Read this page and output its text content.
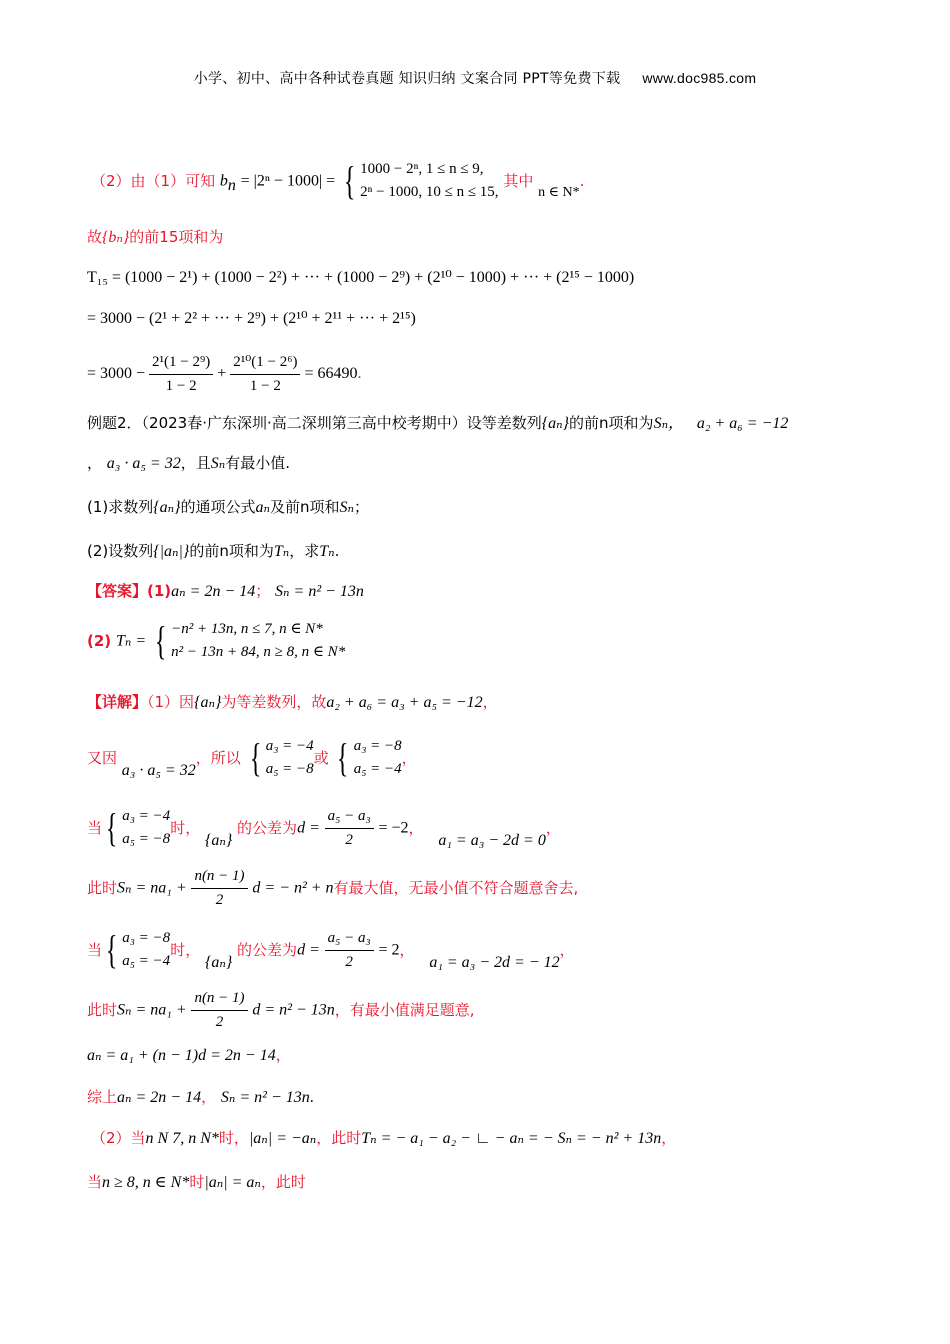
小学、初中、高中各种试卷真题 知识归纳 文案合同 PPT等免费下载 www.doc985.com
（2）由（1）可知 $b_n = |2^n - 1000|$ = { 1000 − 2ⁿ, 1 ≤ n ≤ 9,
2ⁿ − 1000, 10 ≤ n ≤ 15,
其中 n ∈ N*.
故{bₙ}的前15项和为
T₁₅ = (1000 − 2¹) + (1000 − 2²) + ··· + (1000 − 2⁹) + (2¹⁰ − 1000) + ··· + (2¹⁵ − 1000)
= 3000 − (2¹ + 2² + ··· + 2⁹) + (2¹⁰ + 2¹¹ + ··· + 2¹⁵)
= $3000 - \frac{\text{2¹(1 − 2⁹)}}{1 - 2} + \frac{\text{2¹⁰(1 − 2⁶)}}{1 - 2} = 66490$.
例题2．（2023春·广东深圳·高二深圳第三高中校考期中）设等差数列{aₙ}的前n项和为Sₙ， a₂ + a₆ = −12
， a₃ · a₅ = 32，且Sₙ有最小值.
(1)求数列{aₙ}的通项公式aₙ及前n项和Sₙ；
(2)设数列{|aₙ|}的前n项和为Tₙ，求Tₙ.
【答案】(1)aₙ = 2n − 14； Sₙ = n² − 13n
(2) Tₙ = { −n² + 13n, n ≤ 7, n ∈ N*
n² − 13n + 84, n ≥ 8, n ∈ N*
【详解】（1）因{aₙ}为等差数列，故a₂ + a₆ = a₃ + a₅ = −12，
又因 a₃ · a₅ = 32，所以 { a₃ = −4
a₅ = −8
或 { a₃ = −8
a₅ = −4
，
当 { a₃ = −4
a₅ = −8
时， {aₙ} 的公差为$d = \frac{\text{a₅ − a₃}}{2} = -2$， a₁ = a₃ − 2d = 0，
此时$S_n = na_1 + \frac{n(n - 1)}{2}$ d = − n² + n有最大值，无最小值不符合题意舍去,
当 { a₃ = −8
a₅ = −4
时， {aₙ} 的公差为$d = \frac{\text{a₅ − a₃}}{2} = 2$， a₁ = a₃ − 2d = − 12，
此时$S_n = na_1 + \frac{n(n - 1)}{2}$ d = n² − 13n，有最小值满足题意,
aₙ = a₁ + (n − 1)d = 2n − 14，
综上aₙ = 2n − 14， Sₙ = n² − 13n.
（2）当n N 7, n N*时，|aₙ| = −aₙ，此时Tₙ = − a₁ − a₂ − ∟ − aₙ = − Sₙ = − n² + 13n，
当n ≥ 8, n ∈ N*时|aₙ| = aₙ，此时
